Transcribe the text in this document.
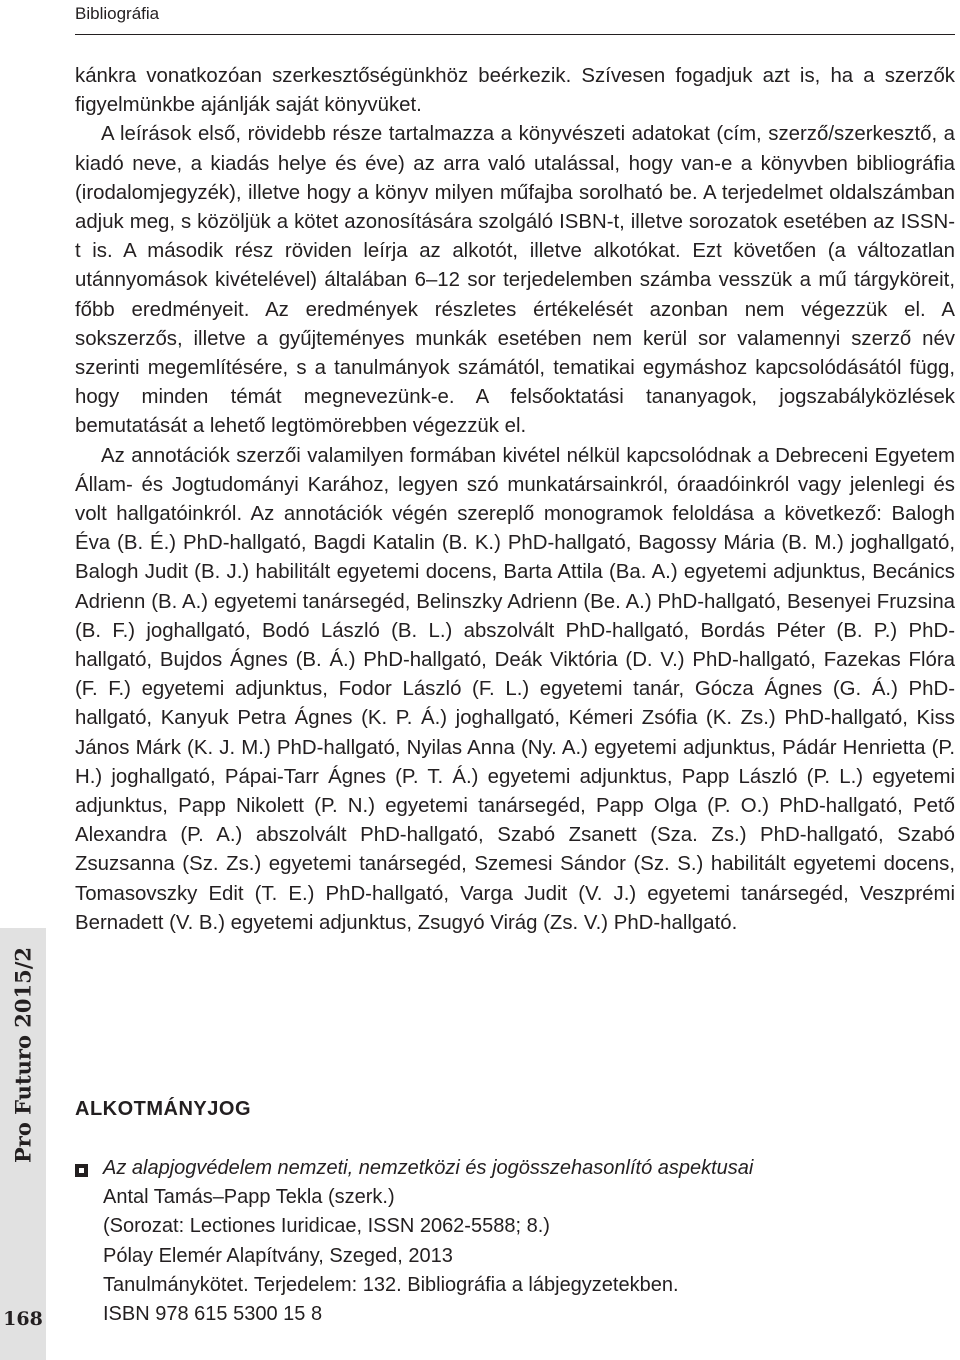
Bibliográfia
Pro Futuro 2015/2
168

kánkra vonatkozóan szerkesztőségünkhöz beérkezik. Szívesen fogadjuk azt is, ha a szerzők figyelmünkbe ajánlják saját könyvüket.

A leírások első, rövidebb része tartalmazza a könyvészeti adatokat (cím, szerző/szerkesztő, a kiadó neve, a kiadás helye és éve) az arra való utalással, hogy van-e a könyvben bibliográfia (irodalomjegyzék), illetve hogy a könyv milyen műfajba sorolható be. A terjedelmet oldalszámban adjuk meg, s közöljük a kötet azonosítására szolgáló ISBN-t, illetve sorozatok esetében az ISSN-t is. A második rész röviden leírja az alkotót, illetve alkotókat. Ezt követően (a változatlan utánnyomások kivételével) általában 6–12 sor terjedelemben számba vesszük a mű tárgyköreit, főbb eredményeit. Az eredmények részletes értékelését azonban nem végezzük el. A sokszerzős, illetve a gyűjteményes munkák esetében nem kerül sor valamennyi szerző név szerinti megemlítésére, s a tanulmányok számától, tematikai egymáshoz kapcsolódásától függ, hogy minden témát megnevezünk-e. A felsőoktatási tananyagok, jogszabályközlések bemutatását a lehető legtömörebben végezzük el.

Az annotációk szerzői valamilyen formában kivétel nélkül kapcsolódnak a Debreceni Egyetem Állam- és Jogtudományi Karához, legyen szó munkatársainkról, óraadóinkról vagy jelenlegi és volt hallgatóinkról. Az annotációk végén szereplő monogramok feloldása a következő: Balogh Éva (B. É.) PhD-hallgató, Bagdi Katalin (B. K.) PhD-hallgató, Bagossy Mária (B. M.) joghallgató, Balogh Judit (B. J.) habilitált egyetemi docens, Barta Attila (Ba. A.) egyetemi adjunktus, Becánics Adrienn (B. A.) egyetemi tanársegéd, Belinszky Adrienn (Be. A.) PhD-hallgató, Besenyei Fruzsina (B. F.) joghallgató, Bodó László (B. L.) abszolvált PhD-hallgató, Bordás Péter (B. P.) PhD-hallgató, Bujdos Ágnes (B. Á.) PhD-hallgató, Deák Viktória (D. V.) PhD-hallgató, Fazekas Flóra (F. F.) egyetemi adjunktus, Fodor László (F. L.) egyetemi tanár, Gócza Ágnes (G. Á.) PhD-hallgató, Kanyuk Petra Ágnes (K. P. Á.) joghallgató, Kémeri Zsófia (K. Zs.) PhD-hallgató, Kiss János Márk (K. J. M.) PhD-hallgató, Nyilas Anna (Ny. A.) egyetemi adjunktus, Pádár Henrietta (P. H.) joghallgató, Pápai-Tarr Ágnes (P. T. Á.) egyetemi adjunktus, Papp László (P. L.) egyetemi adjunktus, Papp Nikolett (P. N.) egyetemi tanársegéd, Papp Olga (P. O.) PhD-hallgató, Pető Alexandra (P. A.) abszolvált PhD-hallgató, Szabó Zsanett (Sza. Zs.) PhD-hallgató, Szabó Zsuzsanna (Sz. Zs.) egyetemi tanársegéd, Szemesi Sándor (Sz. S.) habilitált egyetemi docens, Tomasovszky Edit (T. E.) PhD-hallgató, Varga Judit (V. J.) egyetemi tanársegéd, Veszprémi Bernadett (V. B.) egyetemi adjunktus, Zsugyó Virág (Zs. V.) PhD-hallgató.

ALKOTMÁNYJOG
Az alapjogvédelem nemzeti, nemzetközi és jogösszehasonlító aspektusai
Antal Tamás–Papp Tekla (szerk.)
(Sorozat: Lectiones Iuridicae, ISSN 2062-5588; 8.)
Pólay Elemér Alapítvány, Szeged, 2013
Tanulmánykötet. Terjedelem: 132. Bibliográfia a lábjegyzetekben.
ISBN 978 615 5300 15 8
